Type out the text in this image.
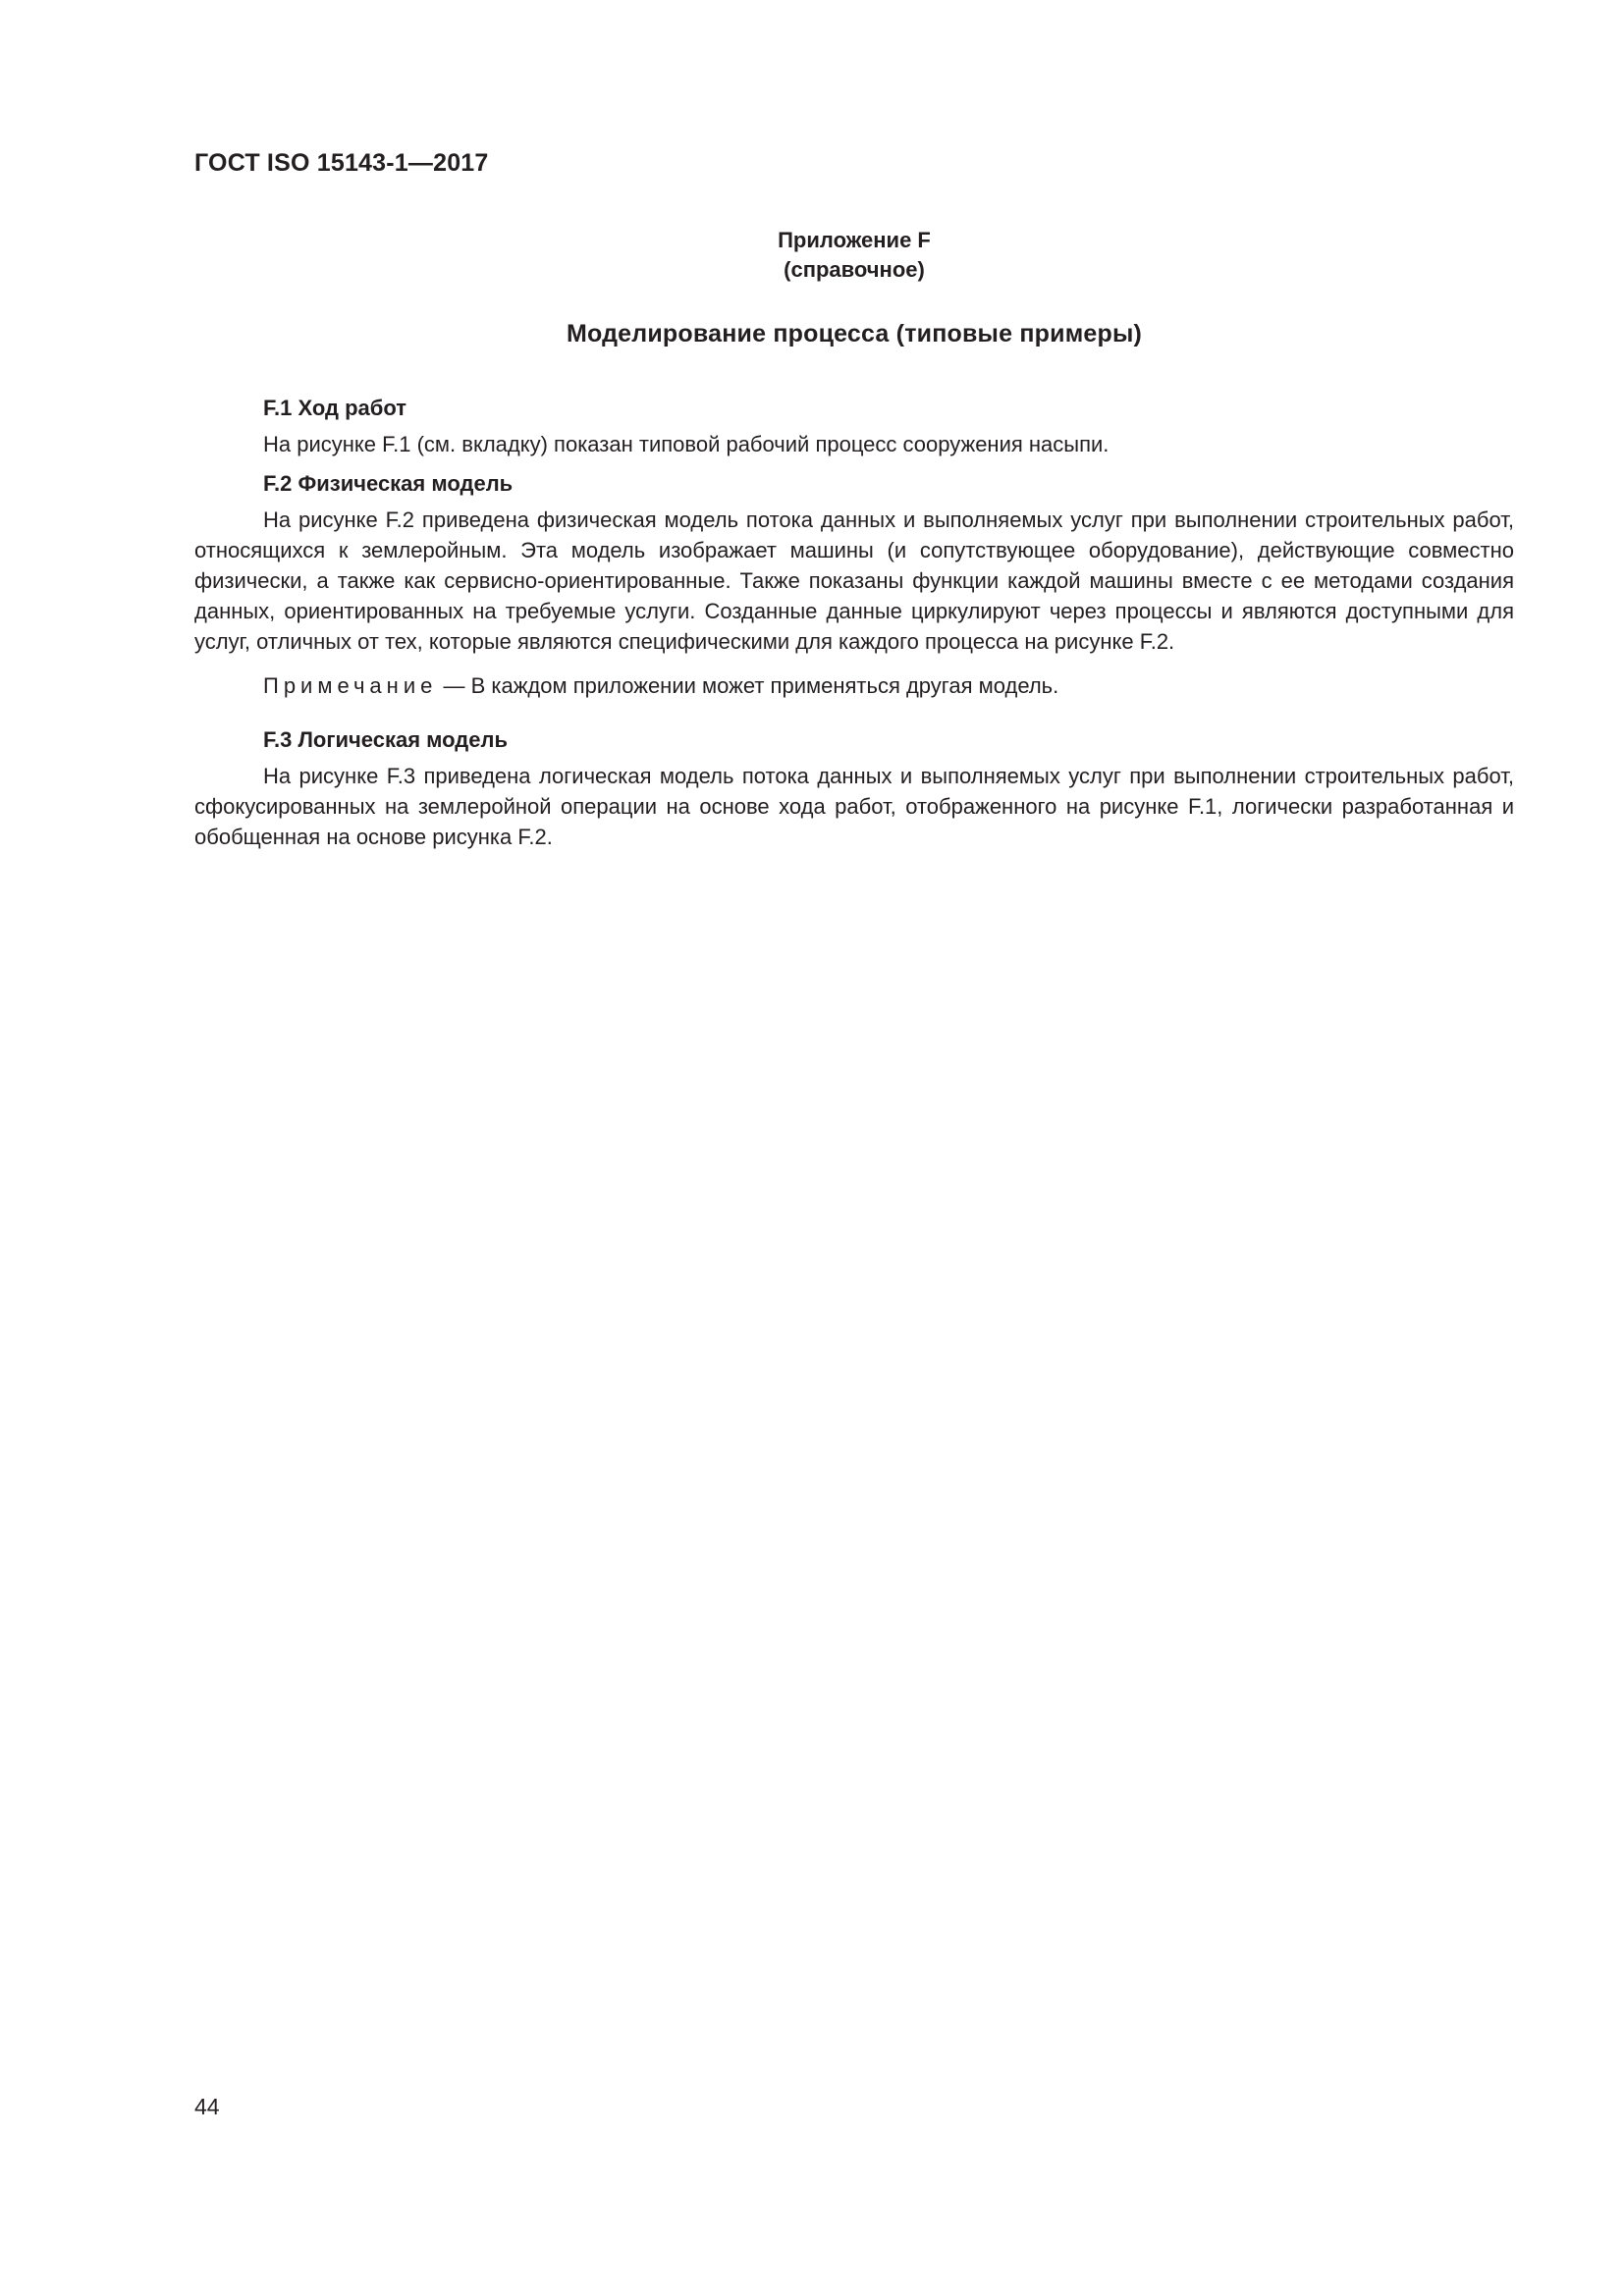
ГОСТ ISO 15143-1—2017
Приложение F
(справочное)
Моделирование процесса (типовые примеры)
F.1 Ход работ

На рисунке F.1 (см. вкладку) показан типовой рабочий процесс сооружения насыпи.

F.2 Физическая модель

На рисунке F.2 приведена физическая модель потока данных и выполняемых услуг при выполнении строительных работ, относящихся к землеройным. Эта модель изображает машины (и сопутствующее оборудование), действующие совместно физически, а также как сервисно-ориентированные. Также показаны функции каждой машины вместе с ее методами создания данных, ориентированных на требуемые услуги. Созданные данные циркулируют через процессы и являются доступными для услуг, отличных от тех, которые являются специфическими для каждого процесса на рисунке F.2.

Примечание — В каждом приложении может применяться другая модель.

F.3 Логическая модель

На рисунке F.3 приведена логическая модель потока данных и выполняемых услуг при выполнении строительных работ, сфокусированных на землеройной операции на основе хода работ, отображенного на рисунке F.1, логически разработанная и обобщенная на основе рисунка F.2.

44
